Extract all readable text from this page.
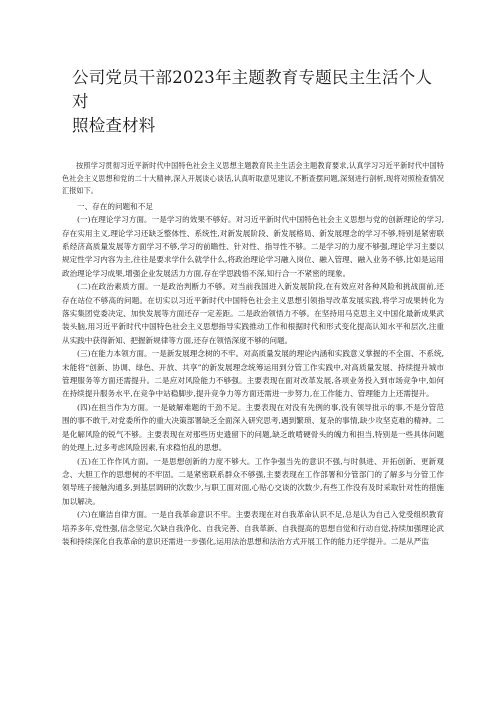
公司党员干部2023年主题教育专题民主生活个人对
照检查材料

按照学习贯彻习近平新时代中国特色社会主义思想主题教育民主生活会主题教育要求,认真学习习近平新时代中国特色社会主义思想和党的二十大精神,深入开展谈心谈话,认真听取意见建议,不断查摆问题,深刻进行剖析,现将对照检查情况汇报如下。

一、存在的问题和不足

(一)在理论学习方面。一是学习的效果不够好。对习近平新时代中国特色社会主义思想与党的创新理论的学习,存在实用主义,理论学习还缺乏整体性、系统性,对新发展阶段、新发展格局、新发展理念的学习不够,特别是紧密联系经济高质量发展等方面学习不够,学习的前瞻性、针对性、指导性不够。二是学习的力度不够强,理论学习主要以规定性学习内容为主,往往是要求学什么就学什么,将政治理论学习融入岗位、融入管理、融入业务不够,比如是运用政治理论学习成果,增强企业发展活力方面,存在学思践悟不深,知行合一不紧密的现象。

(二)在政治素质方面。一是政治判断力不够。对当前我国进入新发展阶段,在有效应对各种风险和挑战面前,还存在站位不够高的问题。在切实以习近平新时代中国特色社会主义思想引领指导改革发展实践,将学习成果转化为落实集团党委决定、加快发展等方面还存一定差距。二是政治领悟力不够。在坚持用马克思主义中国化最新成果武装头脑,用习近平新时代中国特色社会主义思想指导实践推动工作和根据时代和形式变化提高认知水平和层次,注重从实践中获得新知、把握新规律等方面,还存在领悟深度不够的问题。

(三)在能力本领方面。一是新发展理念树的不牢。对高质量发展的理论内涵和实践意义掌握的不全面、不系统,未能将“创新、协调、绿色、开放、共享”的新发展理念统筹运用到分管工作实践中,对高质量发展、持续提升城市管理服务等方面还需提升。二是应对风险能力不够强。主要表现在面对改革发展,各项业务投入到市场竞争中,如何在持续提升服务水平,在竞争中站稳脚步,提升竞争力等方面还需进一步努力,在工作能力、管理能力上还需提升。

(四)在担当作为方面。一是破解难题的干劲不足。主要表现在对没有先例的事,没有领导批示的事,不是分管范围的事不敢干,对党委所作的重大决策部署缺乏全面深入研究思考,遇到繁琐、复杂的事情,缺少攻坚克难的精神。二是化解风险的锐气不够。主要表现在对那些历史遗留下的问题,缺乏敢啃硬骨头的魄力和担当,特别是一些具体问题的处理上,过多考虑风险因素,有求稳怕乱的思想。

(五)在工作作风方面。一是思想创新的力度不够大。工作争强当先的意识不强,与时俱进、开拓创新、更新观念、大胆工作的思想树的不牢固。二是紧密联系群众不够强,主要表现在工作部署和分管部门的了解多与分管工作领导班子接触沟通多,到基层调研的次数少,与职工面对面,心贴心交谈的次数少,有些工作没有及时采取针对性的措施加以解决。

(六)在廉洁自律方面。一是自我革命意识不牢。主要表现在对自我革命认识不足,总是认为自己入党受组织教育培养多年,党性强,信念坚定,欠缺自我净化、自我完善、自我革新、自我提高的思想自觉和行动自觉,持续加强理论武装和持续深化自我革命的意识还需进一步强化,运用法治思想和法治方式开展工作的能力还学提升。二是从严监
